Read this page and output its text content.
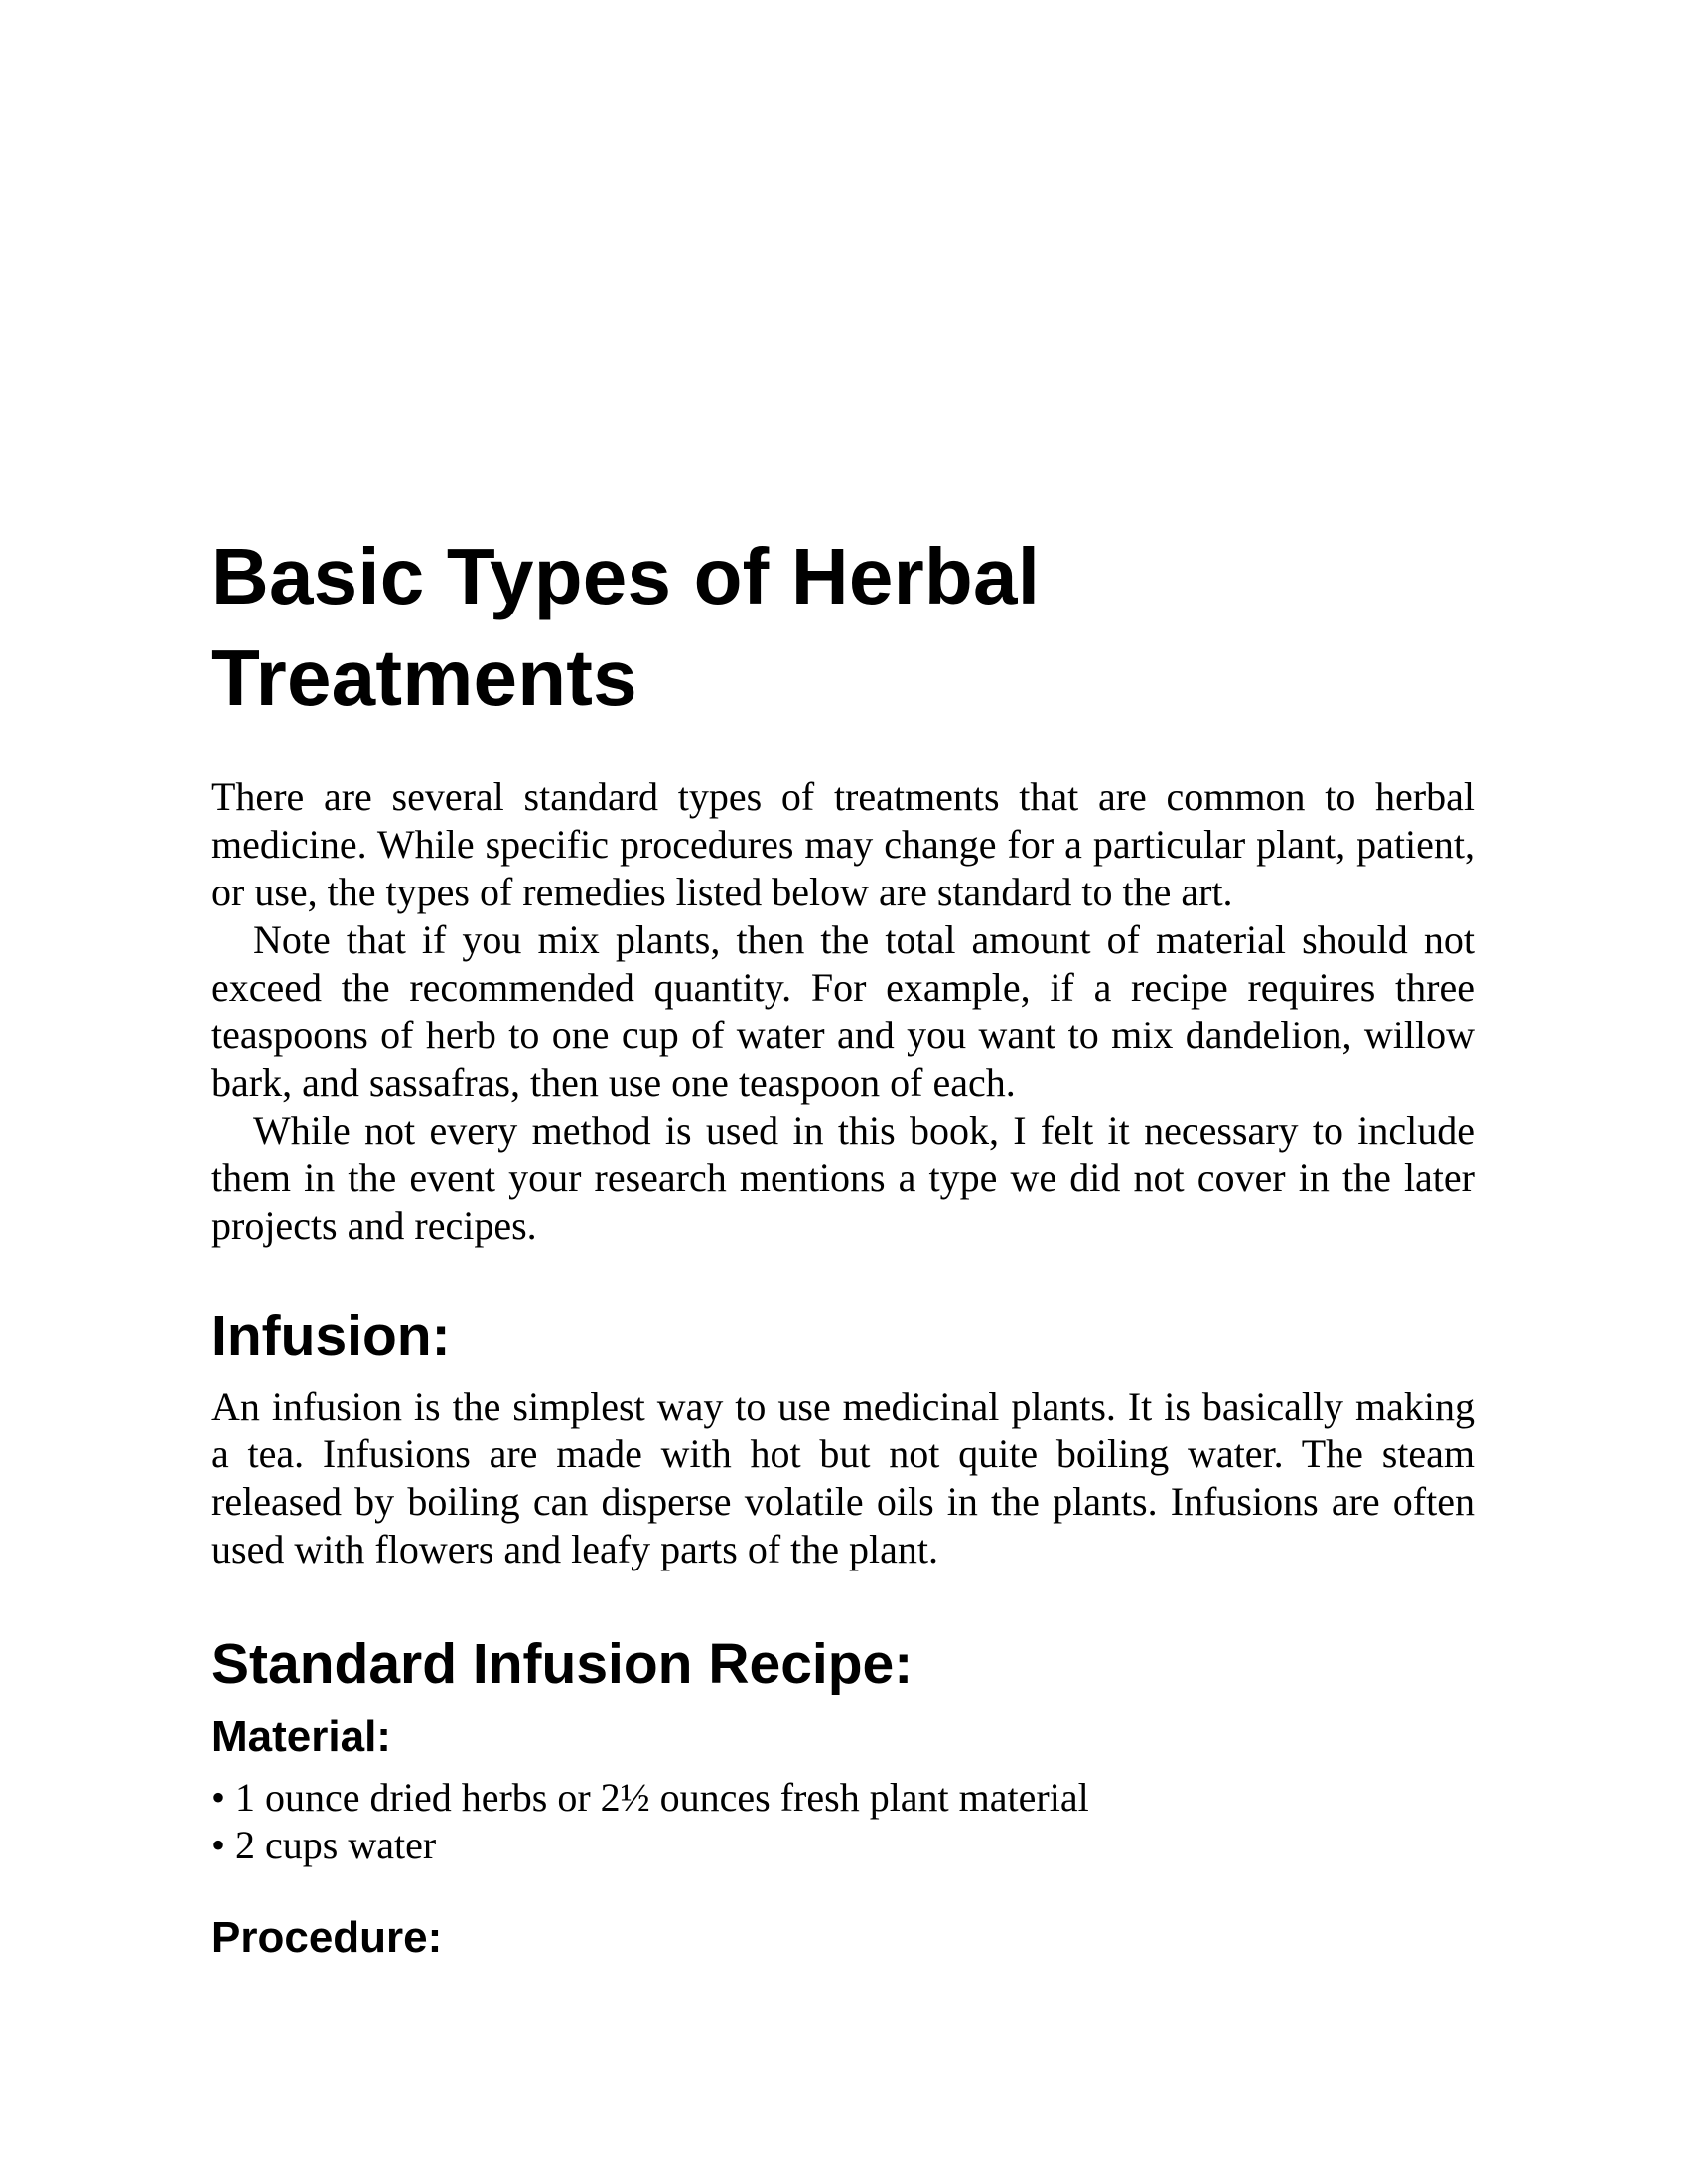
Basic Types of Herbal
Treatments

There are several standard types of treatments that are common to herbal medicine. While specific procedures may change for a particular plant, patient, or use, the types of remedies listed below are standard to the art.

Note that if you mix plants, then the total amount of material should not exceed the recommended quantity. For example, if a recipe requires three teaspoons of herb to one cup of water and you want to mix dandelion, willow bark, and sassafras, then use one teaspoon of each.

While not every method is used in this book, I felt it necessary to include them in the event your research mentions a type we did not cover in the later projects and recipes.

Infusion:

An infusion is the simplest way to use medicinal plants. It is basically making a tea. Infusions are made with hot but not quite boiling water. The steam released by boiling can disperse volatile oils in the plants. Infusions are often used with flowers and leafy parts of the plant.

Standard Infusion Recipe:
Material:
• 1 ounce dried herbs or 2½ ounces fresh plant material
• 2 cups water
Procedure:
